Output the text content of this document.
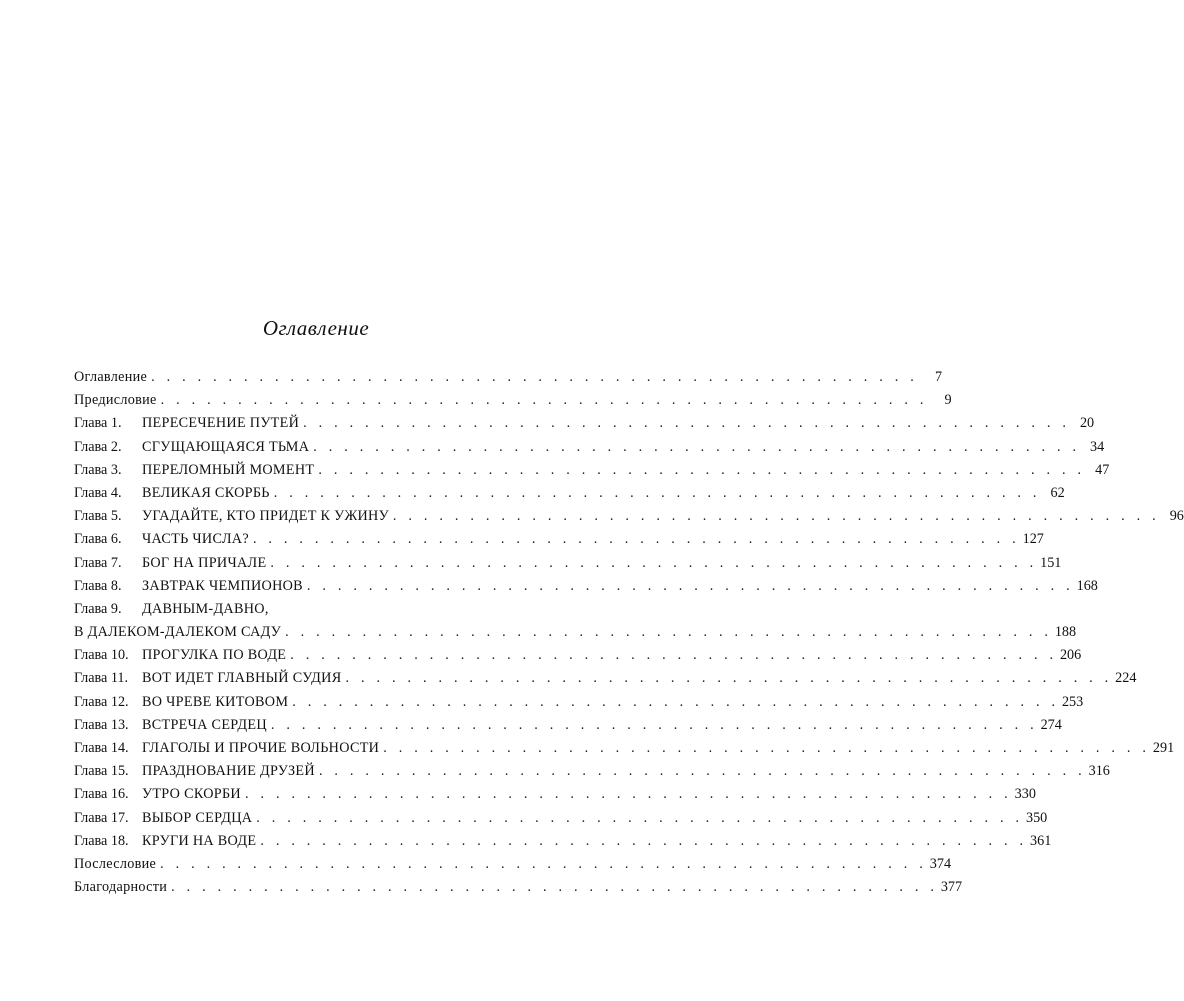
Оглавление
Оглавление . . . . . . . . . . . . . . . . . . . . . . . . . . . . . . . . . . . . . . . . . . . . . . . . . .	7
Предисловие . . . . . . . . . . . . . . . . . . . . . . . . . . . . . . . . . . . . . . . . . . . . . . . . . .	9
Глава 1.	ПЕРЕСЕЧЕНИЕ ПУТЕЙ . . . . . . . . . . . . . . . . . . . . . . . . . . . . . . . . . . . . . . . . . . . . . . . . . . 20
Глава 2.	СГУЩАЮЩАЯСЯ ТЬМА . . . . . . . . . . . . . . . . . . . . . . . . . . . . . . . . . . . . . . . . . . . . . . . . . . 34
Глава 3.	ПЕРЕЛОМНЫЙ МОМЕНТ . . . . . . . . . . . . . . . . . . . . . . . . . . . . . . . . . . . . . . . . . . . . . . . . . . 47
Глава 4.	ВЕЛИКАЯ СКОРБЬ . . . . . . . . . . . . . . . . . . . . . . . . . . . . . . . . . . . . . . . . . . . . . . . . . . 62
Глава 5.	УГАДАЙТЕ, КТО ПРИДЕТ К УЖИНУ . . . . . . . . . . . . . . . . . . . . . . . . . . . . . . . . . . . . . . . . . . . . . . . . . . 96
Глава 6.	ЧАСТЬ ЧИСЛА? . . . . . . . . . . . . . . . . . . . . . . . . . . . . . . . . . . . . . . . . . . . . . . . . . . 127
Глава 7.	БОГ НА ПРИЧАЛЕ . . . . . . . . . . . . . . . . . . . . . . . . . . . . . . . . . . . . . . . . . . . . . . . . . . 151
Глава 8.	ЗАВТРАК ЧЕМПИОНОВ . . . . . . . . . . . . . . . . . . . . . . . . . . . . . . . . . . . . . . . . . . . . . . . . . . 168
Глава 9.	ДАВНЫМ-ДАВНО,
В ДАЛЕКОМ-ДАЛЕКОМ САДУ . . . . . . . . . . . . . . . . . . . . . . . . . . . . . . . . . . . . . . . . . . . . . . . . . . 188
Глава 10. ПРОГУЛКА ПО ВОДЕ . . . . . . . . . . . . . . . . . . . . . . . . . . . . . . . . . . . . . . . . . . . . . . . . . . 206
Глава 11. ВОТ ИДЕТ ГЛАВНЫЙ СУДИЯ . . . . . . . . . . . . . . . . . . . . . . . . . . . . . . . . . . . . . . . . . . . . . . . . . . 224
Глава 12. ВО ЧРЕВЕ КИТОВОМ . . . . . . . . . . . . . . . . . . . . . . . . . . . . . . . . . . . . . . . . . . . . . . . . . . 253
Глава 13. ВСТРЕЧА СЕРДЕЦ . . . . . . . . . . . . . . . . . . . . . . . . . . . . . . . . . . . . . . . . . . . . . . . . . . 274
Глава 14. ГЛАГОЛЫ И ПРОЧИЕ ВОЛЬНОСТИ . . . . . . . . . . . . . . . . . . . . . . . . . . . . . . . . . . . . . . . . . . . . . . . . . . 291
Глава 15. ПРАЗДНОВАНИЕ ДРУЗЕЙ . . . . . . . . . . . . . . . . . . . . . . . . . . . . . . . . . . . . . . . . . . . . . . . . . . 316
Глава 16. УТРО СКОРБИ . . . . . . . . . . . . . . . . . . . . . . . . . . . . . . . . . . . . . . . . . . . . . . . . . . 330
Глава 17. ВЫБОР СЕРДЦА . . . . . . . . . . . . . . . . . . . . . . . . . . . . . . . . . . . . . . . . . . . . . . . . . . 350
Глава 18. КРУГИ НА ВОДЕ . . . . . . . . . . . . . . . . . . . . . . . . . . . . . . . . . . . . . . . . . . . . . . . . . . 361
Послесловие . . . . . . . . . . . . . . . . . . . . . . . . . . . . . . . . . . . . . . . . . . . . . . . . . . 374
Благодарности . . . . . . . . . . . . . . . . . . . . . . . . . . . . . . . . . . . . . . . . . . . . . . . . . . 377
